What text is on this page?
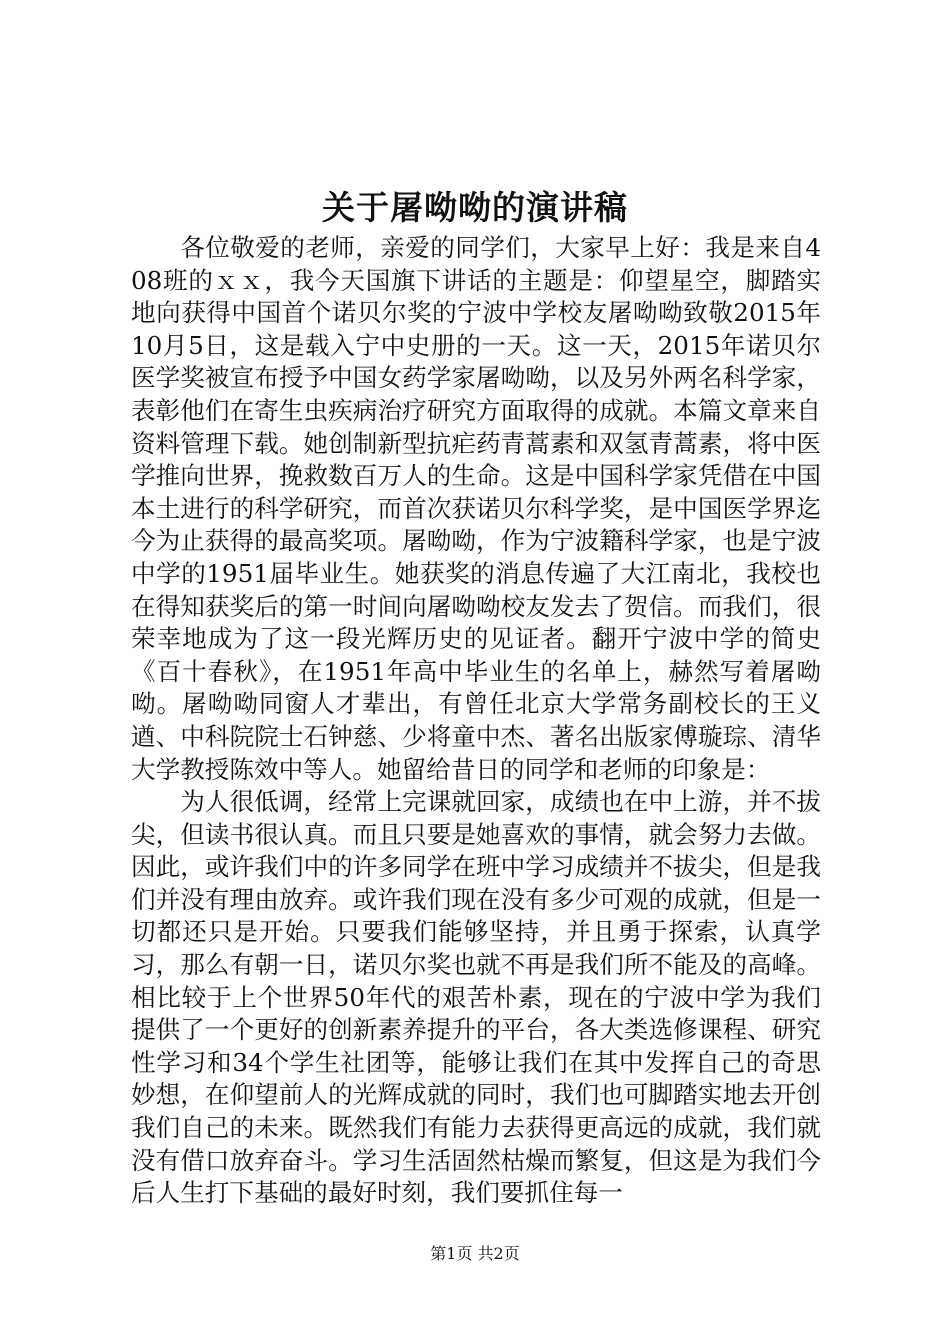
关于屠呦呦的演讲稿

各位敬爱的老师，亲爱的同学们，大家早上好：我是来自408班的ｘｘ，我今天国旗下讲话的主题是：仰望星空，脚踏实地向获得中国首个诺贝尔奖的宁波中学校友屠呦呦致敬2015年10月5日，这是载入宁中史册的一天。这一天，2015年诺贝尔医学奖被宣布授予中国女药学家屠呦呦，以及另外两名科学家，表彰他们在寄生虫疾病治疗研究方面取得的成就。本篇文章来自资料管理下载。她创制新型抗疟药青蒿素和双氢青蒿素，将中医学推向世界，挽救数百万人的生命。这是中国科学家凭借在中国本土进行的科学研究，而首次获诺贝尔科学奖，是中国医学界迄今为止获得的最高奖项。屠呦呦，作为宁波籍科学家，也是宁波中学的1951届毕业生。她获奖的消息传遍了大江南北，我校也在得知获奖后的第一时间向屠呦呦校友发去了贺信。而我们，很荣幸地成为了这一段光辉历史的见证者。翻开宁波中学的简史《百十春秋》，在1951年高中毕业生的名单上，赫然写着屠呦呦。屠呦呦同窗人才辈出，有曾任北京大学常务副校长的王义遒、中科院院士石钟慈、少将童中杰、著名出版家傅璇琮、清华大学教授陈效中等人。她留给昔日的同学和老师的印象是：

为人很低调，经常上完课就回家，成绩也在中上游，并不拔尖，但读书很认真。而且只要是她喜欢的事情，就会努力去做。因此，或许我们中的许多同学在班中学习成绩并不拔尖，但是我们并没有理由放弃。或许我们现在没有多少可观的成就，但是一切都还只是开始。只要我们能够坚持，并且勇于探索，认真学习，那么有朝一日，诺贝尔奖也就不再是我们所不能及的高峰。相比较于上个世界50年代的艰苦朴素，现在的宁波中学为我们提供了一个更好的创新素养提升的平台，各大类选修课程、研究性学习和34个学生社团等，能够让我们在其中发挥自己的奇思妙想，在仰望前人的光辉成就的同时，我们也可脚踏实地去开创我们自己的未来。既然我们有能力去获得更高远的成就，我们就没有借口放弃奋斗。学习生活固然枯燥而繁复，但这是为我们今后人生打下基础的最好时刻，我们要抓住每一

第1页 共2页
